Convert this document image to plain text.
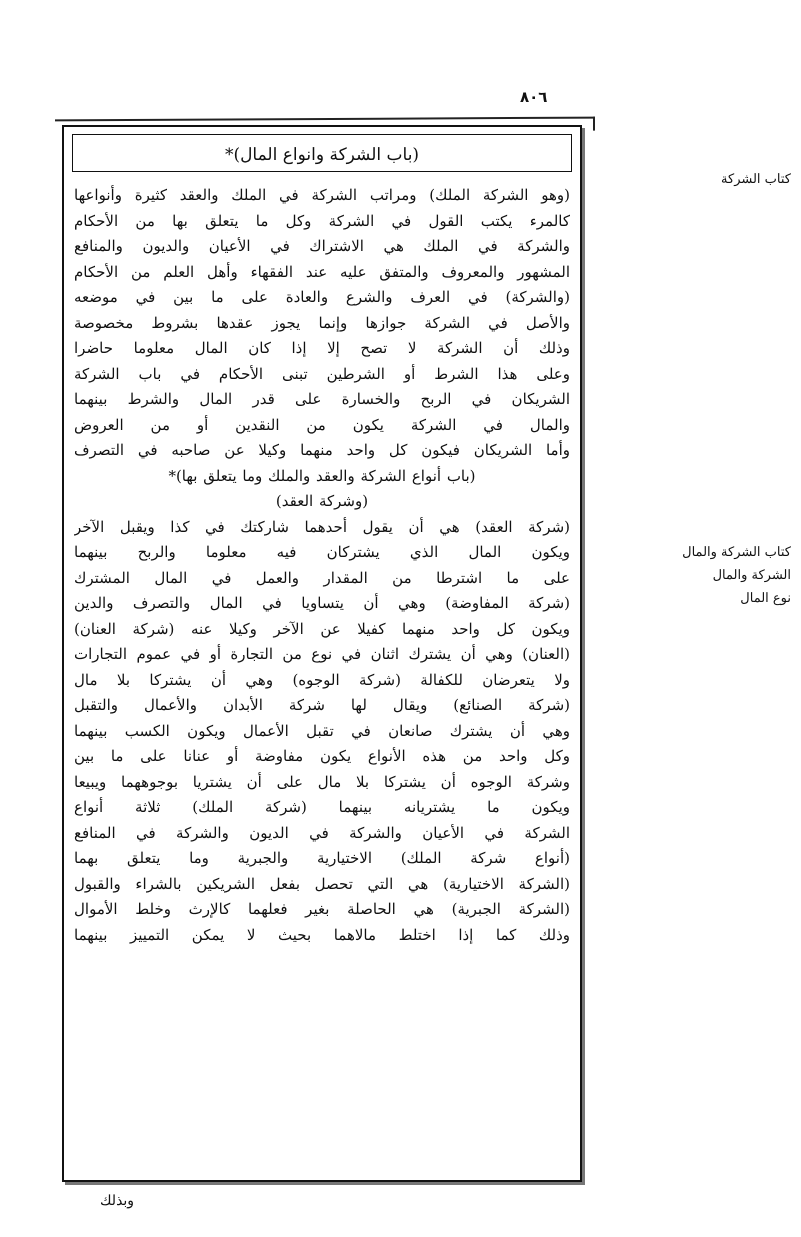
٨٠٦
(باب الشركة وانواع المال)*
(وهو الشركة الملك) ومراتب الشركة في الملك والعقد كثيرة وأنواعها
كالمرء يكتب القول في الشركة وكل ما يتعلق بها من الأحكام
والشركة في الملك هي الاشتراك في الأعيان والديون والمنافع
المشهور والمعروف والمتفق عليه عند الفقهاء وأهل العلم من الأحكام
(والشركة) في العرف والشرع والعادة على ما بين في موضعه
والأصل في الشركة جوازها وإنما يجوز عقدها بشروط مخصوصة
وذلك أن الشركة لا تصح إلا إذا كان المال معلوما حاضرا
وعلى هذا الشرط أو الشرطين تبنى الأحكام في باب الشركة
الشريكان في الربح والخسارة على قدر المال والشرط بينهما
والمال في الشركة يكون من النقدين أو من العروض
وأما الشريكان فيكون كل واحد منهما وكيلا عن صاحبه في التصرف
(باب أنواع الشركة والعقد والملك وما يتعلق بها)*
(وشركة العقد)
(شركة العقد) هي أن يقول أحدهما شاركتك في كذا ويقبل الآخر
ويكون المال الذي يشتركان فيه معلوما والربح بينهما
على ما اشترطا من المقدار والعمل في المال المشترك
(شركة المفاوضة) وهي أن يتساويا في المال والتصرف والدين
ويكون كل واحد منهما كفيلا عن الآخر وكيلا عنه (شركة العنان)
(العنان) وهي أن يشترك اثنان في نوع من التجارة أو في عموم التجارات
ولا يتعرضان للكفالة (شركة الوجوه) وهي أن يشتركا بلا مال
(شركة الصنائع) ويقال لها شركة الأبدان والأعمال والتقبل
وهي أن يشترك صانعان في تقبل الأعمال ويكون الكسب بينهما
وكل واحد من هذه الأنواع يكون مفاوضة أو عنانا على ما بين
وشركة الوجوه أن يشتركا بلا مال على أن يشتريا بوجوههما ويبيعا
ويكون ما يشتريانه بينهما (شركة الملك) ثلاثة أنواع
الشركة في الأعيان والشركة في الديون والشركة في المنافع
(أنواع شركة الملك) الاختيارية والجبرية وما يتعلق بهما
(الشركة الاختيارية) هي التي تحصل بفعل الشريكين بالشراء والقبول
(الشركة الجبرية) هي الحاصلة بغير فعلهما كالإرث وخلط الأموال
وذلك كما إذا اختلط مالاهما بحيث لا يمكن التمييز بينهما
كتاب الشركة
كتاب الشركة والمال
الشركة والمال
نوع المال
وبذلك
